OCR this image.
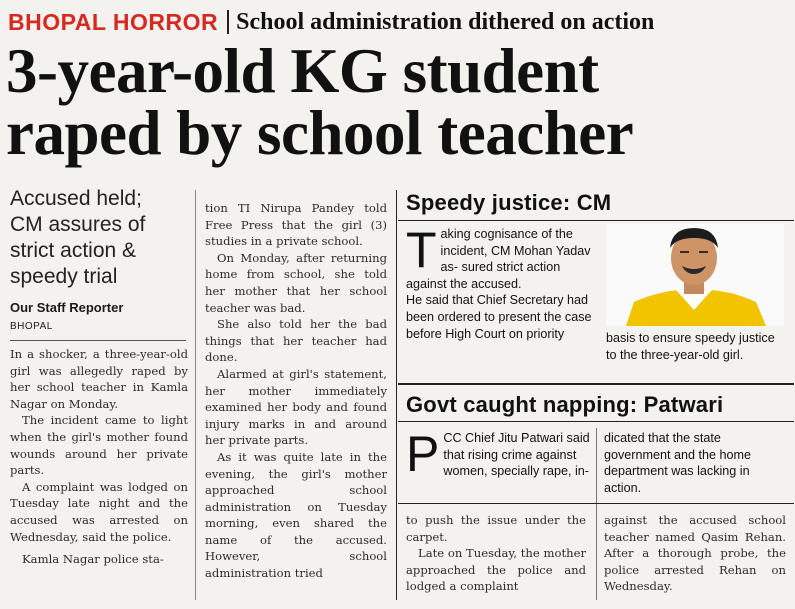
BHOPAL HORROR School administration dithered on action
3-year-old KG student
raped by school teacher
Accused held; CM assures of strict action & speedy trial
Our Staff Reporter
BHOPAL

In a shocker, a three-year-old girl was allegedly raped by her school teacher in Kamla Nagar on Monday.

The incident came to light when the girl's mother found wounds around her private parts.

A complaint was lodged on Tuesday late night and the accused was arrested on Wednesday, said the police.

Kamla Nagar police sta-

tion TI Nirupa Pandey told Free Press that the girl (3) studies in a private school.

On Monday, after returning home from school, she told her mother that her school teacher was bad.

She also told her the bad things that her teacher had done.

Alarmed at girl's statement, her mother immediately examined her body and found injury marks in and around her private parts.

As it was quite late in the evening, the girl's mother approached school administration on Tuesday morning, even shared the name of the accused. However, school administration tried

Speedy justice: CM
T aking cognisance of the incident, CM Mohan Yadav as- sured strict action against the accused.
He said that Chief Secretary had been ordered to present the case before High Court on priority	basis to ensure speedy justice to the three-year-old girl.
Govt caught napping: Patwari
P CC Chief Jitu Patwari said that rising crime against women, specially rape, in-
dicated that the state government and the home department was lacking in action.

to push the issue under the carpet.

Late on Tuesday, the mother approached the police and lodged a complaint

against the accused school teacher named Qasim Rehan. After a thorough probe, the police arrested Rehan on Wednesday.
